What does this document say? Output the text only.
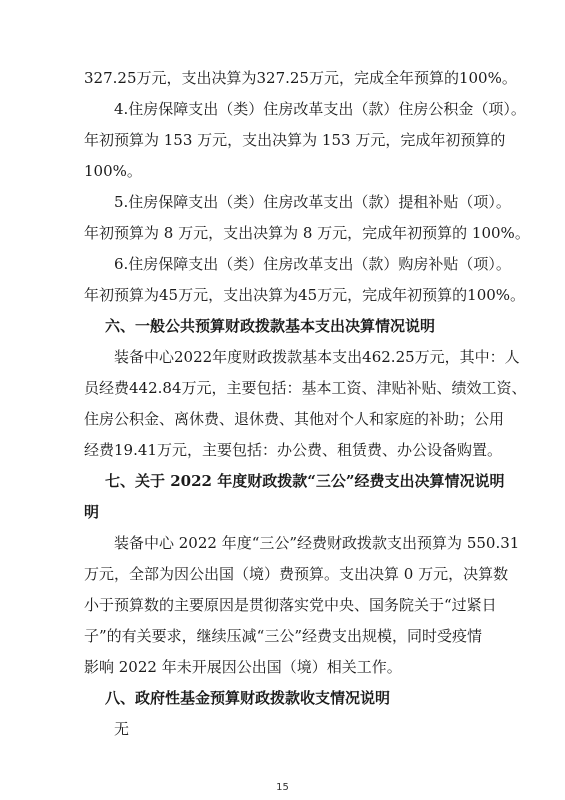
327.25万元，支出决算为327.25万元，完成全年预算的100%。

4.住房保障支出（类）住房改革支出（款）住房公积金（项）。

年初预算为 153 万元，支出决算为 153 万元，完成年初预算的

100%。

5.住房保障支出（类）住房改革支出（款）提租补贴（项）。

年初预算为 8 万元，支出决算为 8 万元，完成年初预算的 100%。

6.住房保障支出（类）住房改革支出（款）购房补贴（项）。

年初预算为45万元，支出决算为45万元，完成年初预算的100%。

六、一般公共预算财政拨款基本支出决算情况说明

装备中心2022年度财政拨款基本支出462.25万元，其中：人

员经费442.84万元，主要包括：基本工资、津贴补贴、绩效工资、

住房公积金、离休费、退休费、其他对个人和家庭的补助；公用

经费19.41万元，主要包括：办公费、租赁费、办公设备购置。

七、关于 2022 年度财政拨款“三公”经费支出决算情况说明

明

装备中心 2022 年度“三公”经费财政拨款支出预算为 550.31

万元，全部为因公出国（境）费预算。支出决算 0 万元，决算数

小于预算数的主要原因是贯彻落实党中央、国务院关于“过紧日

子”的有关要求，继续压减“三公”经费支出规模，同时受疫情

影响 2022 年未开展因公出国（境）相关工作。

八、政府性基金预算财政拨款收支情况说明

无

15
